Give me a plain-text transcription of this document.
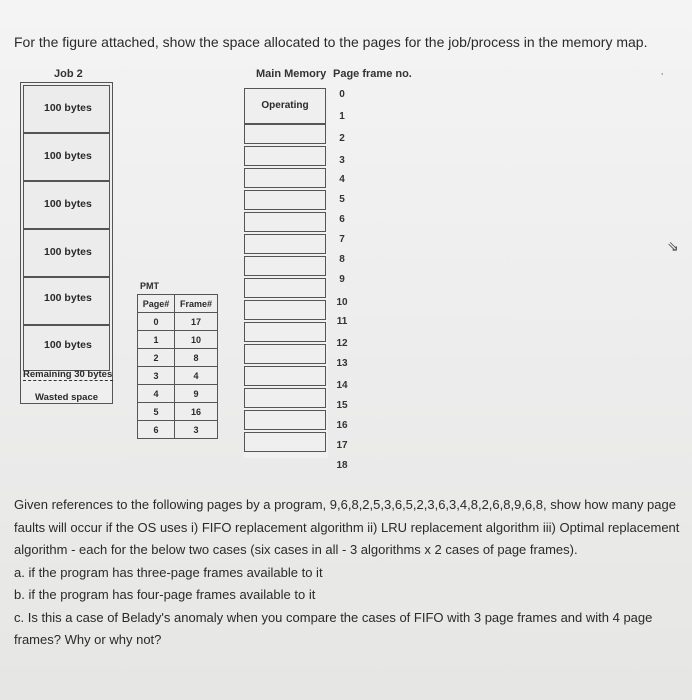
For the figure attached, show the space allocated to the pages for the job/process in the memory map.
Job 2	Main Memory Page frame no.	’
100 bytes
100 bytes
100 bytes
100 bytes
100 bytes
100 bytes
Remaining 30 bytes
Wasted space
PMT
Page#	Frame#
0	17
1	10
2	8
3	4
4	9
5	16
6	3
Operating
0
1
2
3
4
5
6
7
8
9
10
11
12
13
14
15
16
17
18
⇘
Given references to the following pages by a program, 9,6,8,2,5,3,6,5,2,3,6,3,4,8,2,6,8,9,6,8, show how many page faults will occur if the OS uses i) FIFO replacement algorithm ii) LRU replacement algorithm iii) Optimal replacement algorithm - each for the below two cases (six cases in all - 3 algorithms x 2 cases of page frames).
a. if the program has three-page frames available to it
b. if the program has four-page frames available to it
c. Is this a case of Belady's anomaly when you compare the cases of FIFO with 3 page frames and with 4 page frames? Why or why not?
